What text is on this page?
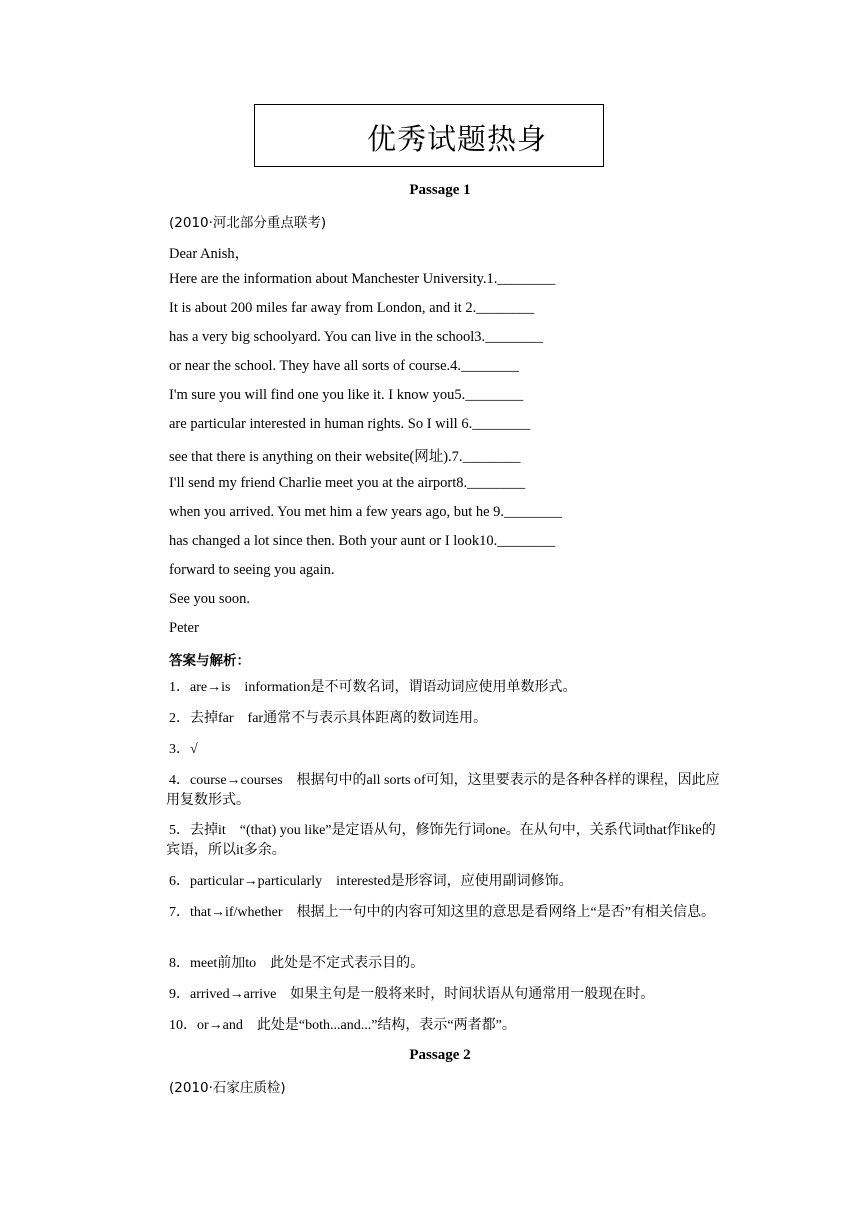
优秀试题热身
Passage 1
(2010·河北部分重点联考)
Dear Anish，
Here are the information about Manchester University.1.________
It is about 200 miles far away from London, and it 2.________
has a very big schoolyard. You can live in the school3.________
or near the school. They have all sorts of course.4.________
I'm sure you will find one you like it. I know you5.________
are particular interested in human rights. So I will 6.________
see that there is anything on their website(网址).7.________
I'll send my friend Charlie meet you at the airport8.________
when you arrived. You met him a few years ago, but he 9.________
has changed a lot since then. Both your aunt or I look10.________
forward to seeing you again.
See you soon.
Peter
答案与解析：
1．are→is　information是不可数名词，谓语动词应使用单数形式。
2．去掉far　far通常不与表示具体距离的数词连用。
3．√
4．course→courses　根据句中的all sorts of可知，这里要表示的是各种各样的课程，因此应用复数形式。
5．去掉it　“(that) you like”是定语从句，修饰先行词one。在从句中，关系代词that作like的宾语，所以it多余。
6．particular→particularly　interested是形容词，应使用副词修饰。
7．that→if/whether　根据上一句中的内容可知这里的意思是看网络上“是否”有相关信息。
8．meet前加to　此处是不定式表示目的。
9．arrived→arrive　如果主句是一般将来时，时间状语从句通常用一般现在时。
10．or→and　此处是“both...and...”结构，表示“两者都”。
Passage 2
(2010·石家庄质检)
